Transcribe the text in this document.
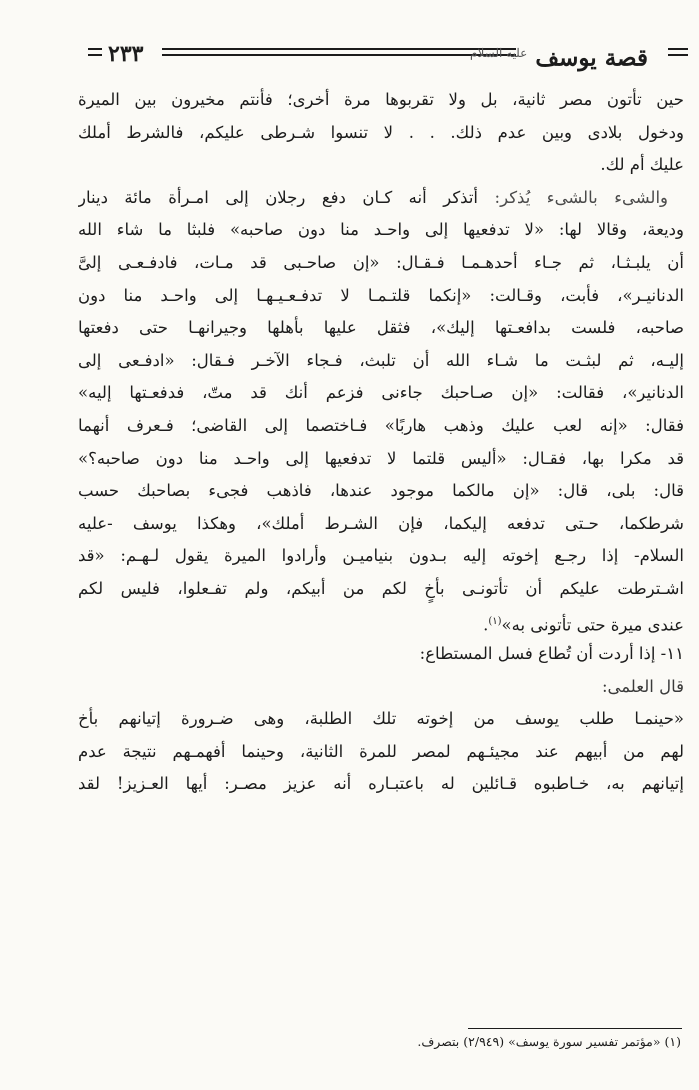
٢٣٣	قصة يوسف $^{عليه السلام}$
حين تأتون مصر ثانية، بل ولا تقربوها مرة أخرى؛ فأنتم مخيرون بين الميرة
ودخول بلادى وبين عدم ذلك. . . لا تنسوا شـرطى عليكم، فالشرط أملك
عليك أم لك.
والشىء بالشىء يُذكر: أتذكر أنه كـان دفع رجلان إلى امـرأة مائة دينار
وديعة، وقالا لها: «لا تدفعيها إلى واحـد منا دون صاحبه» فلبثا ما شاء الله
أن يلبـثـا، ثم جـاء أحدهـمـا فـقـال: «إن صاحـبى قد مـات، فادفـعـى إلىَّ
الدنانيـر»، فأبت، وقـالت: «إنكما قلتـمـا لا تدفـعـيـهـا إلى واحـد منا دون
صاحبه، فلست بدافعـتها إليك»، فثقل عليها بأهلها وجيرانهـا حتى دفعتها
إليـه، ثم لبثـت ما شـاء الله أن تلبث، فـجاء الآخـر فـقال: «ادفـعى إلى
الدنانير»، فقالت: «إن صـاحبك جاءنى فزعم أنك قد متّ، فدفعـتها إليه»
فقال: «إنه لعب عليك وذهب هاربًا» فـاختصما إلى القاضى؛ فـعرف أنهما
قد مكرا بها، فقـال: «أليس قلتما لا تدفعيها إلى واحـد منا دون صاحبه؟»
قال: بلى، قال: «إن مالكما موجود عندها، فاذهب فجىء بصاحبك حسب
شرطكما، حـتى تدفعه إليكما، فإن الشـرط أملك»، وهكذا يوسف -عليه
السلام- إذا رجـع إخوته إليه بـدون بنياميـن وأرادوا الميرة يقول لـهـم: «قد
اشـترطت عليكم أن تأتونـى بأخٍ لكم من أبيكم، ولم تفـعلوا، فليس لكم
عندى ميرة حتى تأتونى به»$^{(١)}$.
١١- إذا أردت أن تُطاع فسل المستطاع:
قال العلمى:
«حينمـا طلب يوسف من إخوته تلك الطلبة، وهى ضـرورة إتيانهم بأخ
لهم من أبيهم عند مجيئـهم لمصر للمرة الثانية، وحينما أفهمـهم نتيجة عدم
إتيانهم به، خـاطبوه قـائلين له باعتبـاره أنه عزيز مصـر: أيها العـزيز! لقد
(١) «مؤتمر تفسير سورة يوسف» (٢/٩٤٩) بتصرف.
